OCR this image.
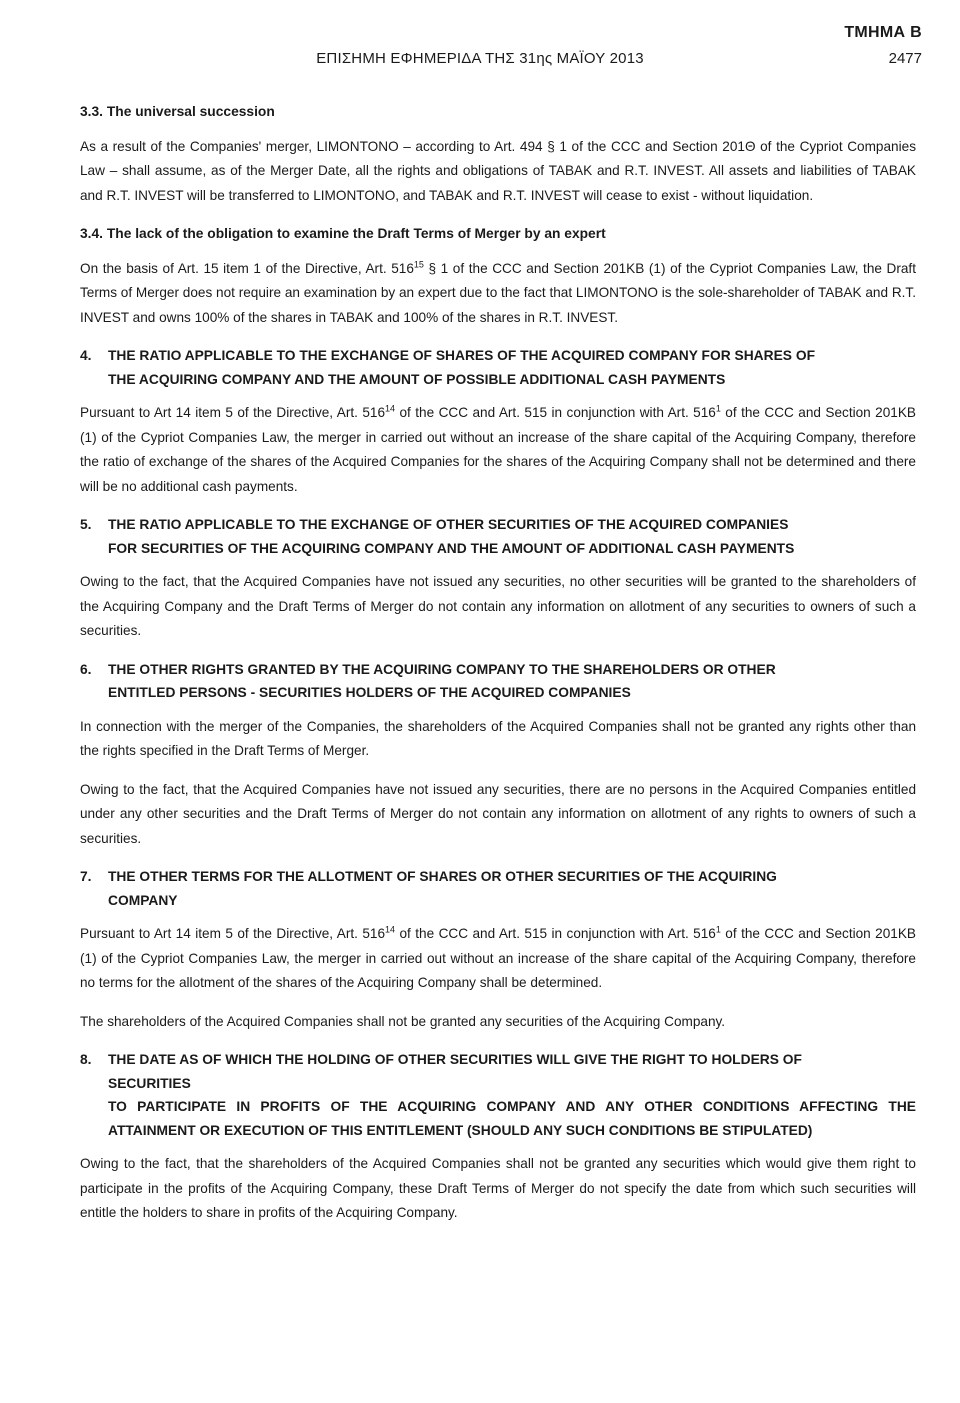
ΤΜΗΜΑ Β
2477
ΕΠΙΣΗΜΗ ΕΦΗΜΕΡΙΔΑ ΤΗΣ 31ης ΜΑΪΟΥ 2013

3.3. The universal succession

As a result of the Companies' merger, LIMONTONO – according to Art. 494 § 1 of the CCC and Section 201Θ of the Cypriot Companies Law – shall assume, as of the Merger Date, all the rights and obligations of TABAK and R.T. INVEST. All assets and liabilities of TABAK and R.T. INVEST will be transferred to LIMONTONO, and TABAK and R.T. INVEST will cease to exist - without liquidation.

3.4. The lack of the obligation to examine the Draft Terms of Merger by an expert

On the basis of Art. 15 item 1 of the Directive, Art. $516^{15}$ § 1 of the CCC and Section 201KB (1) of the Cypriot Companies Law, the Draft Terms of Merger does not require an examination by an expert due to the fact that LIMONTONO is the sole-shareholder of TABAK and R.T. INVEST and owns 100% of the shares in TABAK and 100% of the shares in R.T. INVEST.

4.	THE RATIO APPLICABLE TO THE EXCHANGE OF SHARES OF THE ACQUIRED COMPANY FOR SHARES OF
THE ACQUIRING COMPANY AND THE AMOUNT OF POSSIBLE ADDITIONAL CASH PAYMENTS

Pursuant to Art 14 item 5 of the Directive, Art. $516^{14}$ of the CCC and Art. 515 in conjunction with Art. $516^1$ of the CCC and Section 201KB (1) of the Cypriot Companies Law, the merger in carried out without an increase of the share capital of the Acquiring Company, therefore the ratio of exchange of the shares of the Acquired Companies for the shares of the Acquiring Company shall not be determined and there will be no additional cash payments.

5.	THE RATIO APPLICABLE TO THE EXCHANGE OF OTHER SECURITIES OF THE ACQUIRED COMPANIES
FOR SECURITIES OF THE ACQUIRING COMPANY AND THE AMOUNT OF ADDITIONAL CASH PAYMENTS

Owing to the fact, that the Acquired Companies have not issued any securities, no other securities will be granted to the shareholders of the Acquiring Company and the Draft Terms of Merger do not contain any information on allotment of any securities to owners of such a securities.

6.	THE OTHER RIGHTS GRANTED BY THE ACQUIRING COMPANY TO THE SHAREHOLDERS OR OTHER
ENTITLED PERSONS - SECURITIES HOLDERS OF THE ACQUIRED COMPANIES

In connection with the merger of the Companies, the shareholders of the Acquired Companies shall not be granted any rights other than the rights specified in the Draft Terms of Merger.

Owing to the fact, that the Acquired Companies have not issued any securities, there are no persons in the Acquired Companies entitled under any other securities and the Draft Terms of Merger do not contain any information on allotment of any rights to owners of such a securities.

7.	THE OTHER TERMS FOR THE ALLOTMENT OF SHARES OR OTHER SECURITIES OF THE ACQUIRING
COMPANY

Pursuant to Art 14 item 5 of the Directive, Art. $516^{14}$ of the CCC and Art. 515 in conjunction with Art. $516^1$ of the CCC and Section 201KB (1) of the Cypriot Companies Law, the merger in carried out without an increase of the share capital of the Acquiring Company, therefore no terms for the allotment of the shares of the Acquiring Company shall be determined.

The shareholders of the Acquired Companies shall not be granted any securities of the Acquiring Company.

8.	THE DATE AS OF WHICH THE HOLDING OF OTHER SECURITIES WILL GIVE THE RIGHT TO HOLDERS OF
SECURITIES
TO PARTICIPATE IN PROFITS OF THE ACQUIRING COMPANY AND ANY OTHER CONDITIONS AFFECTING THE ATTAINMENT OR EXECUTION OF THIS ENTITLEMENT (SHOULD ANY SUCH CONDITIONS BE STIPULATED)

Owing to the fact, that the shareholders of the Acquired Companies shall not be granted any securities which would give them right to participate in the profits of the Acquiring Company, these Draft Terms of Merger do not specify the date from which such securities will entitle the holders to share in profits of the Acquiring Company.
